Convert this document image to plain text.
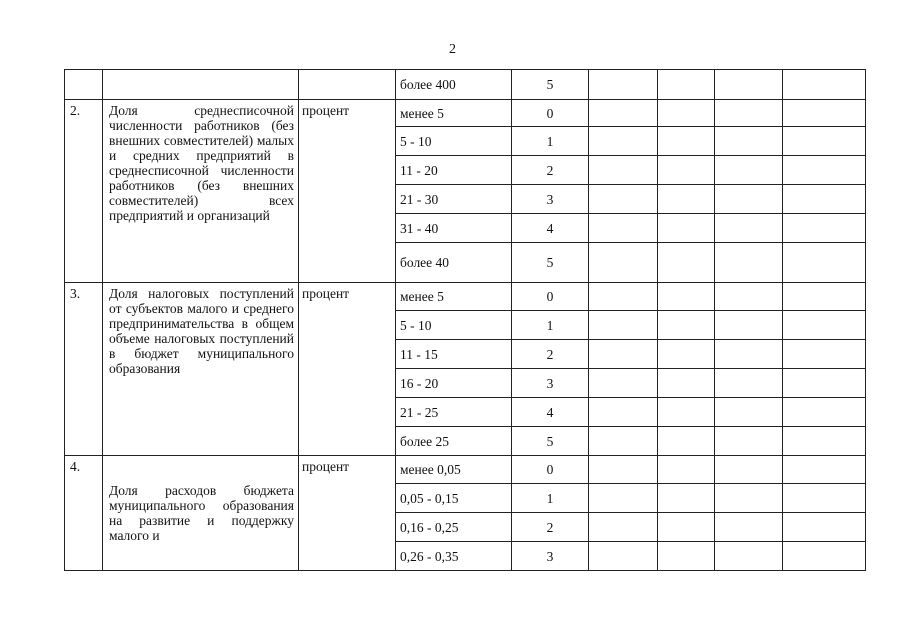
2
			более 400	5				
2.	Доля среднесписочной численности работников (без внешних совместителей) малых и средних предприятий в среднесписочной численности работников (без внешних совместителей) всех предприятий и организаций	процент	менее 5	0				
			5 - 10	1				
			11 - 20	2				
			21 - 30	3				
			31 - 40	4				
			более 40	5				
3.	Доля налоговых поступлений от субъектов малого и среднего предпринимательства в общем объеме налоговых поступлений в бюджет муниципального образования	процент	менее 5	0				
			5 - 10	1				
			11 - 15	2				
			16 - 20	3				
			21 - 25	4				
			более 25	5				
4.	Доля расходов бюджета муниципального образования на развитие и поддержку малого и	процент	менее 0,05	0				
			0,05 - 0,15	1				
			0,16 - 0,25	2				
			0,26 - 0,35	3				
